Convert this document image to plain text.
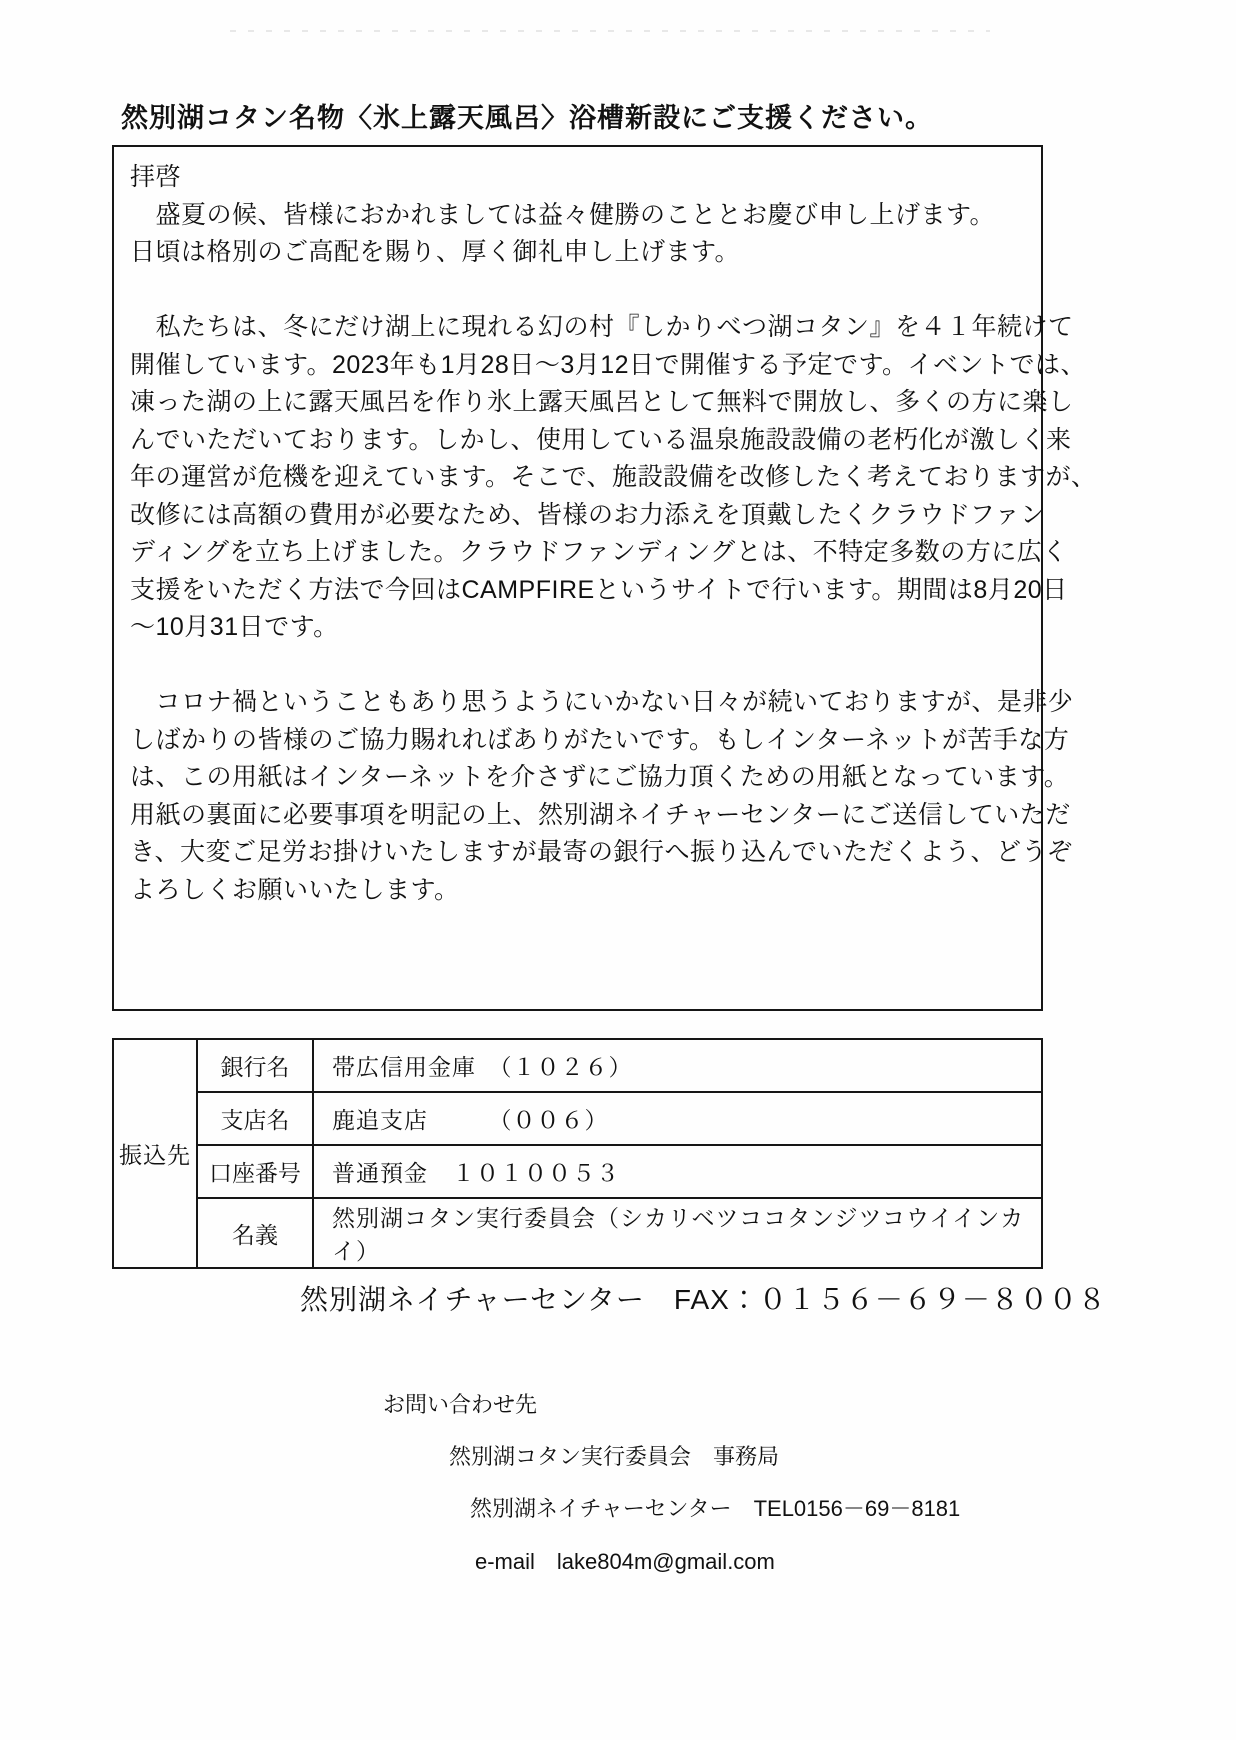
然別湖コタン名物〈氷上露天風呂〉浴槽新設にご支援ください。
拝啓
　盛夏の候、皆様におかれましては益々健勝のこととお慶び申し上げます。
日頃は格別のご高配を賜り、厚く御礼申し上げます。

　私たちは、冬にだけ湖上に現れる幻の村『しかりべつ湖コタン』を４１年続けて
開催しています。2023年も1月28日〜3月12日で開催する予定です。イベントでは、
凍った湖の上に露天風呂を作り氷上露天風呂として無料で開放し、多くの方に楽し
んでいただいております。しかし、使用している温泉施設設備の老朽化が激しく来
年の運営が危機を迎えています。そこで、施設設備を改修したく考えておりますが、
改修には高額の費用が必要なため、皆様のお力添えを頂戴したくクラウドファン
ディングを立ち上げました。クラウドファンディングとは、不特定多数の方に広く
支援をいただく方法で今回はCAMPFIREというサイトで行います。期間は8月20日
〜10月31日です。

　コロナ禍ということもあり思うようにいかない日々が続いておりますが、是非少
しばかりの皆様のご協力賜れればありがたいです。もしインターネットが苦手な方
は、この用紙はインターネットを介さずにご協力頂くための用紙となっています。
用紙の裏面に必要事項を明記の上、然別湖ネイチャーセンターにご送信していただ
き、大変ご足労お掛けいたしますが最寄の銀行へ振り込んでいただくよう、どうぞ
よろしくお願いいたします。
振込先	銀行名	帯広信用金庫　（１０２６）
	支店名	鹿追支店　　　（００６）
	口座番号	普通預金　１０１００５３
	名義	然別湖コタン実行委員会（シカリベツココタンジツコウイインカイ）
然別湖ネイチャーセンター　FAX：０１５６－６９－８００８
お問い合わせ先
然別湖コタン実行委員会　事務局
然別湖ネイチャーセンター　TEL0156－69－8181
e-mail　lake804m@gmail.com
